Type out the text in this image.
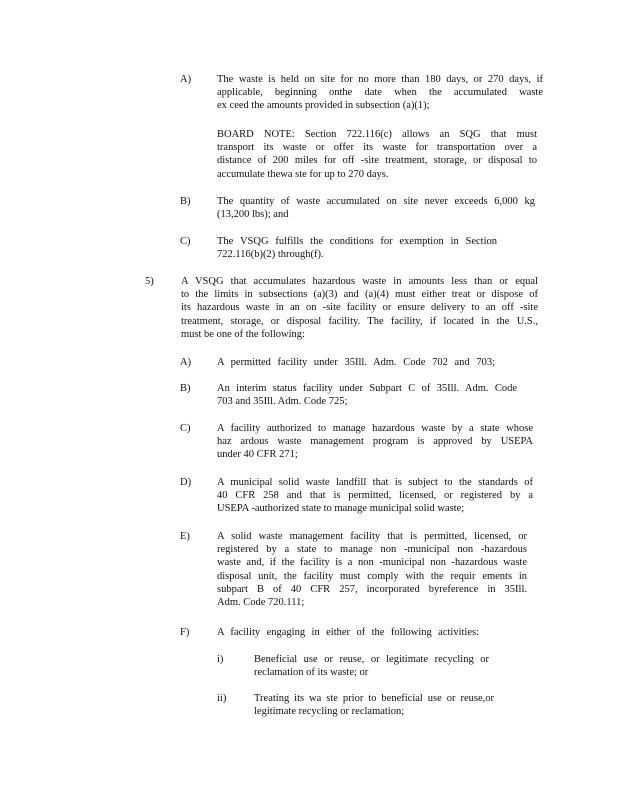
A) The waste is held on site for no more than 180 days, or 270 days, if
applicable, beginning onthe date when the accumulated waste
ex ceed the amounts provided in subsection (a)(1);
BOARD NOTE: Section 722.116(c) allows an SQG that must
transport its waste or offer its waste for transportation over a
distance of 200 miles for off -site treatment, storage, or disposal to
accumulate thewa ste for up to 270 days.
B)	The quantity of waste accumulated on site never exceeds 6,000 kg
(13,200 lbs); and
C)	The VSQG fulfills the conditions for exemption in Section
722.116(b)(2) through(f).
5)	A VSQG that accumulates hazardous waste in amounts less than or equal
to the limits in subsections (a)(3) and (a)(4) must either treat or dispose of
its hazardous waste in an on -site facility or ensure delivery to an off -site
treatment, storage, or disposal facility. The facility, if located in the U.S.,
must be one of the following:
A) A permitted facility under 35Ill. Adm. Code 702 and 703;
B)	An interim status facility under Subpart C of 35Ill. Adm. Code
703 and 35Ill. Adm. Code 725;
C)	A facility authorized to manage hazardous waste by a state whose
haz ardous waste management program is approved by USEPA
under 40 CFR 271;
D) A municipal solid waste landfill that is subject to the standards of
40 CFR 258 and that is permitted, licensed, or registered by a
USEPA -authorized state to manage municipal solid waste;
E)	A solid waste management facility that is permitted, licensed, or
registered by a state to manage non -municipal non -hazardous
waste and, if the facility is a non -municipal non -hazardous waste
disposal unit, the facility must comply with the requir ements in
subpart B of 40 CFR 257, incorporated byreference in 35Ill.
Adm. Code 720.111;
F)	A facility engaging in either of the following activities:
i)	Beneficial use or reuse, or legitimate recycling or
reclamation of its waste; or
ii)	Treating its wa ste prior to beneficial use or reuse,or
legitimate recycling or reclamation;
